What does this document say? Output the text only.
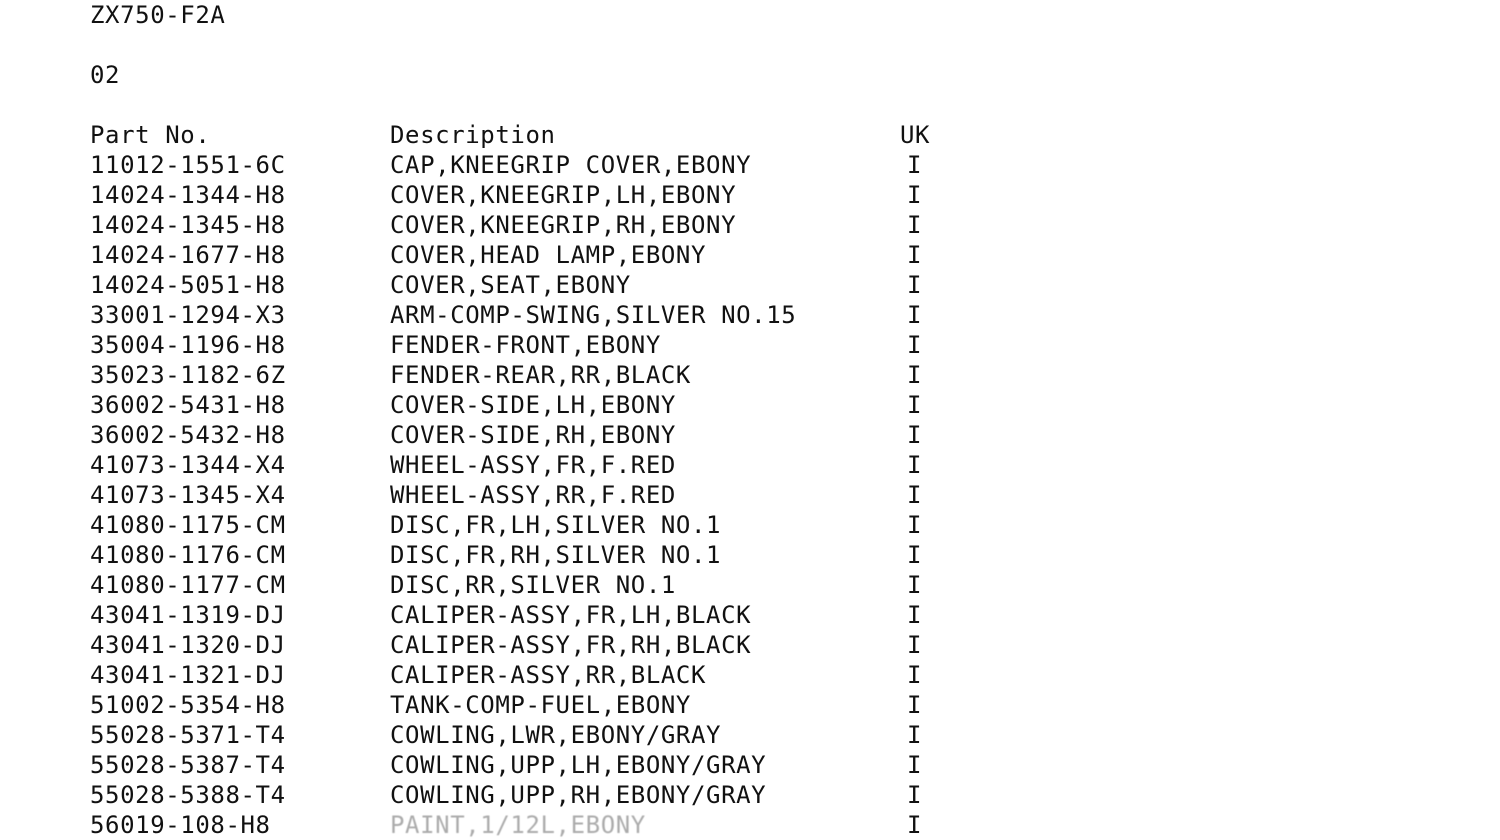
ZX750-F2A
02
Part No.	Description	UK
11012-1551-6C	CAP,KNEEGRIP COVER,EBONY	I
14024-1344-H8	COVER,KNEEGRIP,LH,EBONY	I
14024-1345-H8	COVER,KNEEGRIP,RH,EBONY	I
14024-1677-H8	COVER,HEAD LAMP,EBONY	I
14024-5051-H8	COVER,SEAT,EBONY	I
33001-1294-X3	ARM-COMP-SWING,SILVER NO.15	I
35004-1196-H8	FENDER-FRONT,EBONY	I
35023-1182-6Z	FENDER-REAR,RR,BLACK	I
36002-5431-H8	COVER-SIDE,LH,EBONY	I
36002-5432-H8	COVER-SIDE,RH,EBONY	I
41073-1344-X4	WHEEL-ASSY,FR,F.RED	I
41073-1345-X4	WHEEL-ASSY,RR,F.RED	I
41080-1175-CM	DISC,FR,LH,SILVER NO.1	I
41080-1176-CM	DISC,FR,RH,SILVER NO.1	I
41080-1177-CM	DISC,RR,SILVER NO.1	I
43041-1319-DJ	CALIPER-ASSY,FR,LH,BLACK	I
43041-1320-DJ	CALIPER-ASSY,FR,RH,BLACK	I
43041-1321-DJ	CALIPER-ASSY,RR,BLACK	I
51002-5354-H8	TANK-COMP-FUEL,EBONY	I
55028-5371-T4	COWLING,LWR,EBONY/GRAY	I
55028-5387-T4	COWLING,UPP,LH,EBONY/GRAY	I
55028-5388-T4	COWLING,UPP,RH,EBONY/GRAY	I
56019-108-H8	PAINT,1/12L,EBONY	I
